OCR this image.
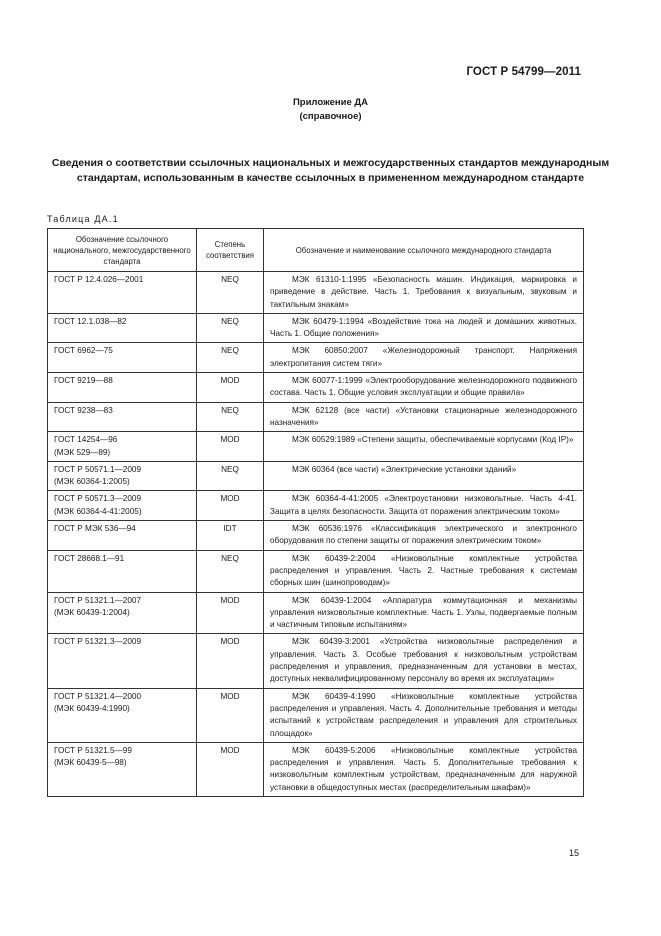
ГОСТ Р 54799—2011
Приложение ДА
(справочное)
Сведения о соответствии ссылочных национальных и межгосударственных стандартов международным стандартам, использованным в качестве ссылочных в примененном международном стандарте
Таблица ДА.1
Обозначение ссылочного национального, межгосударственного стандарта	Степень соответствия	Обозначение и наименование ссылочного международного стандарта
ГОСТ Р 12.4.026—2001	NEQ	МЭК 61310-1:1995 «Безопасность машин. Индикация, маркировка и приведение в действие. Часть 1. Требования к визуальным, звуковым и тактильным знакам»
ГОСТ 12.1.038—82	NEQ	МЭК 60479-1:1994 «Воздействие тока на людей и домашних животных. Часть 1. Общие положения»
ГОСТ 6962—75	NEQ	МЭК 60850:2007 «Железнодорожный транспорт. Напряжения электропитания систем тяги»
ГОСТ 9219—88	MOD	МЭК 60077-1:1999 «Электрооборудование железнодорожного подвижного состава. Часть 1. Общие условия эксплуатации и общие правила»
ГОСТ 9238—83	NEQ	МЭК 62128 (все части) «Установки стационарные железнодорожного назначения»
ГОСТ 14254—96
(МЭК 529—89)	MOD	МЭК 60529:1989 «Степени защиты, обеспечиваемые корпусами (Код IP)»
ГОСТ Р 50571.1—2009
(МЭК 60364-1:2005)	NEQ	МЭК 60364 (все части) «Электрические установки зданий»
ГОСТ Р 50571.3—2009
(МЭК 60364-4-41:2005)	MOD	МЭК 60364-4-41:2005 «Электроустановки низковольтные. Часть 4-41. Защита в целях безопасности. Защита от поражения электрическим током»
ГОСТ Р МЭК 536—94	IDT	МЭК 60536:1976 «Классификация электрического и электронного оборудования по степени защиты от поражения электрическим током»
ГОСТ 28668.1—91	NEQ	МЭК 60439-2:2004 «Низковольтные комплектные устройства распределения и управления. Часть 2. Частные требования к системам сборных шин (шинопроводам)»
ГОСТ Р 51321.1—2007
(МЭК 60439-1:2004)	MOD	МЭК 60439-1:2004 «Аппаратура коммутационная и механизмы управления низковольтные комплектные. Часть 1. Узлы, подвергаемые полным и частичным типовым испытаниям»
ГОСТ Р 51321.3—2009	MOD	МЭК 60439-3:2001 «Устройства низковольтные распределения и управления. Часть 3. Особые требования к низковольтным устройствам распределения и управления, предназначенным для установки в местах, доступных неквалифицированному персоналу во время их эксплуатации»
ГОСТ Р 51321.4—2000
(МЭК 60439-4:1990)	MOD	МЭК 60439-4:1990 «Низковольтные комплектные устройства распределения и управления. Часть 4. Дополнительные требования и методы испытаний к устройствам распределения и управления для строительных площадок»
ГОСТ Р 51321.5—99
(МЭК 60439-5—98)	MOD	МЭК 60439-5:2006 «Низковольтные комплектные устройства распределения и управления. Часть 5. Дополнительные требования к низковольтным комплектным устройствам, предназначенным для наружной установки в общедоступных местах (распределительным шкафам)»
15
